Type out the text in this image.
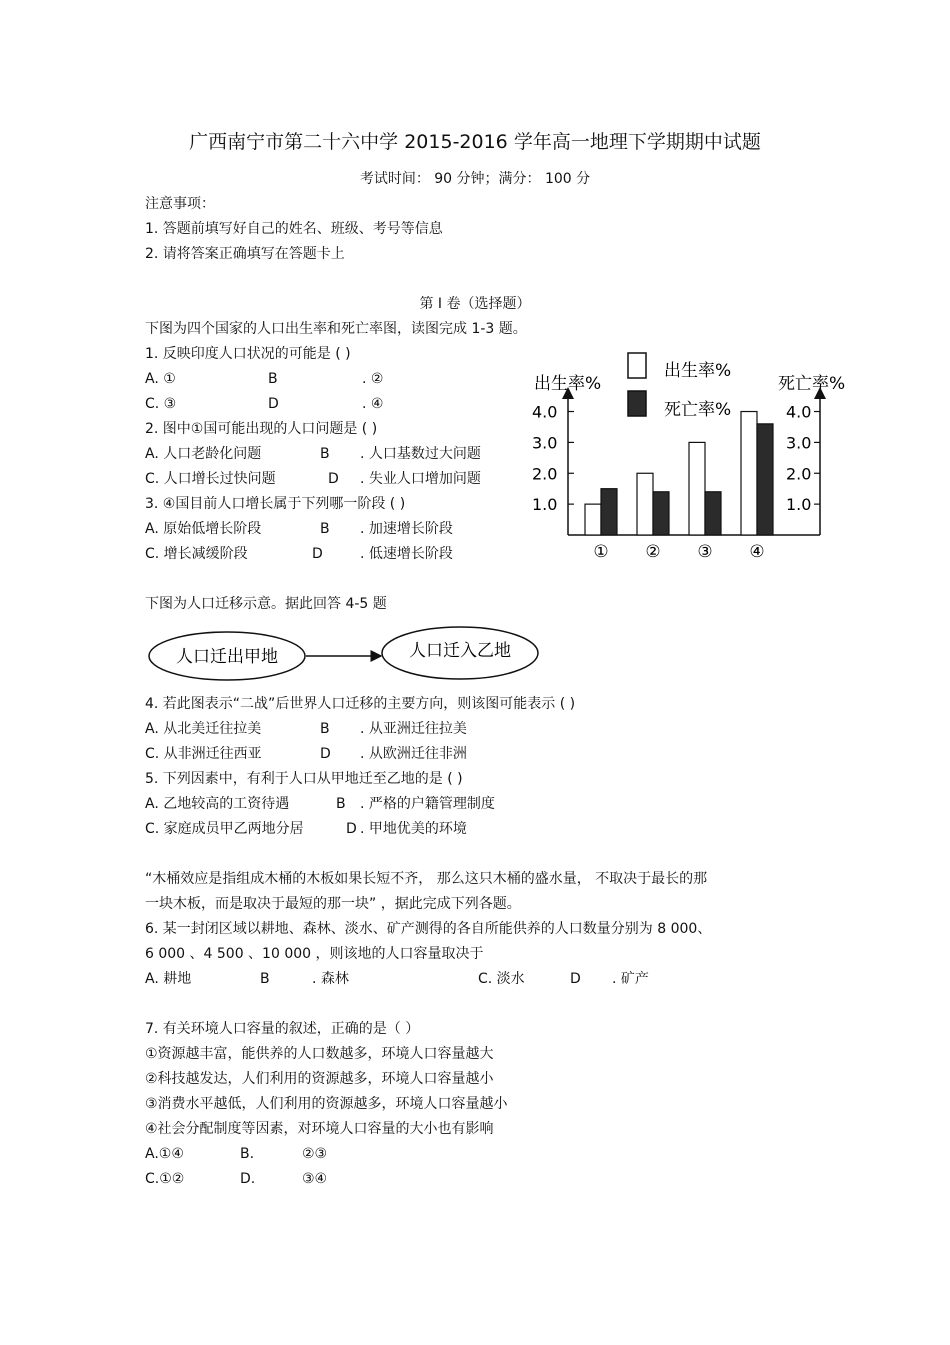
广西南宁市第二十六中学 2015-2016 学年高一地理下学期期中试题
考试时间： 90 分钟；满分： 100 分
注意事项：
1. 答题前填写好自己的姓名、班级、考号等信息
2. 请将答案正确填写在答题卡上
第 Ⅰ 卷（选择题）
下图为四个国家的人口出生率和死亡率图，读图完成 1-3 题。
1. 反映印度人口状况的可能是 ( )
A. ①	B	. ②
C. ③	D	. ④
2. 图中①国可能出现的人口问题是 ( )
A. 人口老龄化问题	B . 人口基数过大问题
C. 人口增长过快问题	D . 失业人口增加问题
3. ④国目前人口增长属于下列哪一阶段 ( )
A. 原始低增长阶段	B . 加速增长阶段
C. 增长减缓阶段	D	. 低速增长阶段
出生率%
死亡率%
出生率%	死亡率%
1.0	1.0
2.0	2.0
3.0	3.0
4.0	4.0
① ② ③ ④
下图为人口迁移示意。据此回答 4-5 题
人口迁出甲地	人口迁入乙地
4. 若此图表示“二战”后世界人口迁移的主要方向，则该图可能表示 ( )
A. 从北美迁往拉美	B . 从亚洲迁往拉美
C. 从非洲迁往西亚	D . 从欧洲迁往非洲
5. 下列因素中，有利于人口从甲地迁至乙地的是 ( )
A. 乙地较高的工资待遇	B . 严格的户籍管理制度
C. 家庭成员甲乙两地分居	D . 甲地优美的环境
“木桶效应是指组成木桶的木板如果长短不齐， 那么这只木桶的盛水量， 不取决于最长的那
一块木板，而是取决于最短的那一块” ，据此完成下列各题。
6. 某一封闭区域以耕地、森林、淡水、矿产测得的各自所能供养的人口数量分别为 8 000、
6 000 、4 500 、10 000 ，则该地的人口容量取决于
A. 耕地	B	. 森林	C. 淡水	D . 矿产
7. 有关环境人口容量的叙述，正确的是（ ）
①资源越丰富，能供养的人口数越多，环境人口容量越大
②科技越发达，人们利用的资源越多，环境人口容量越小
③消费水平越低，人们利用的资源越多，环境人口容量越小
④社会分配制度等因素，对环境人口容量的大小也有影响
A.①④	B.	②③
C.①②	D.	③④
